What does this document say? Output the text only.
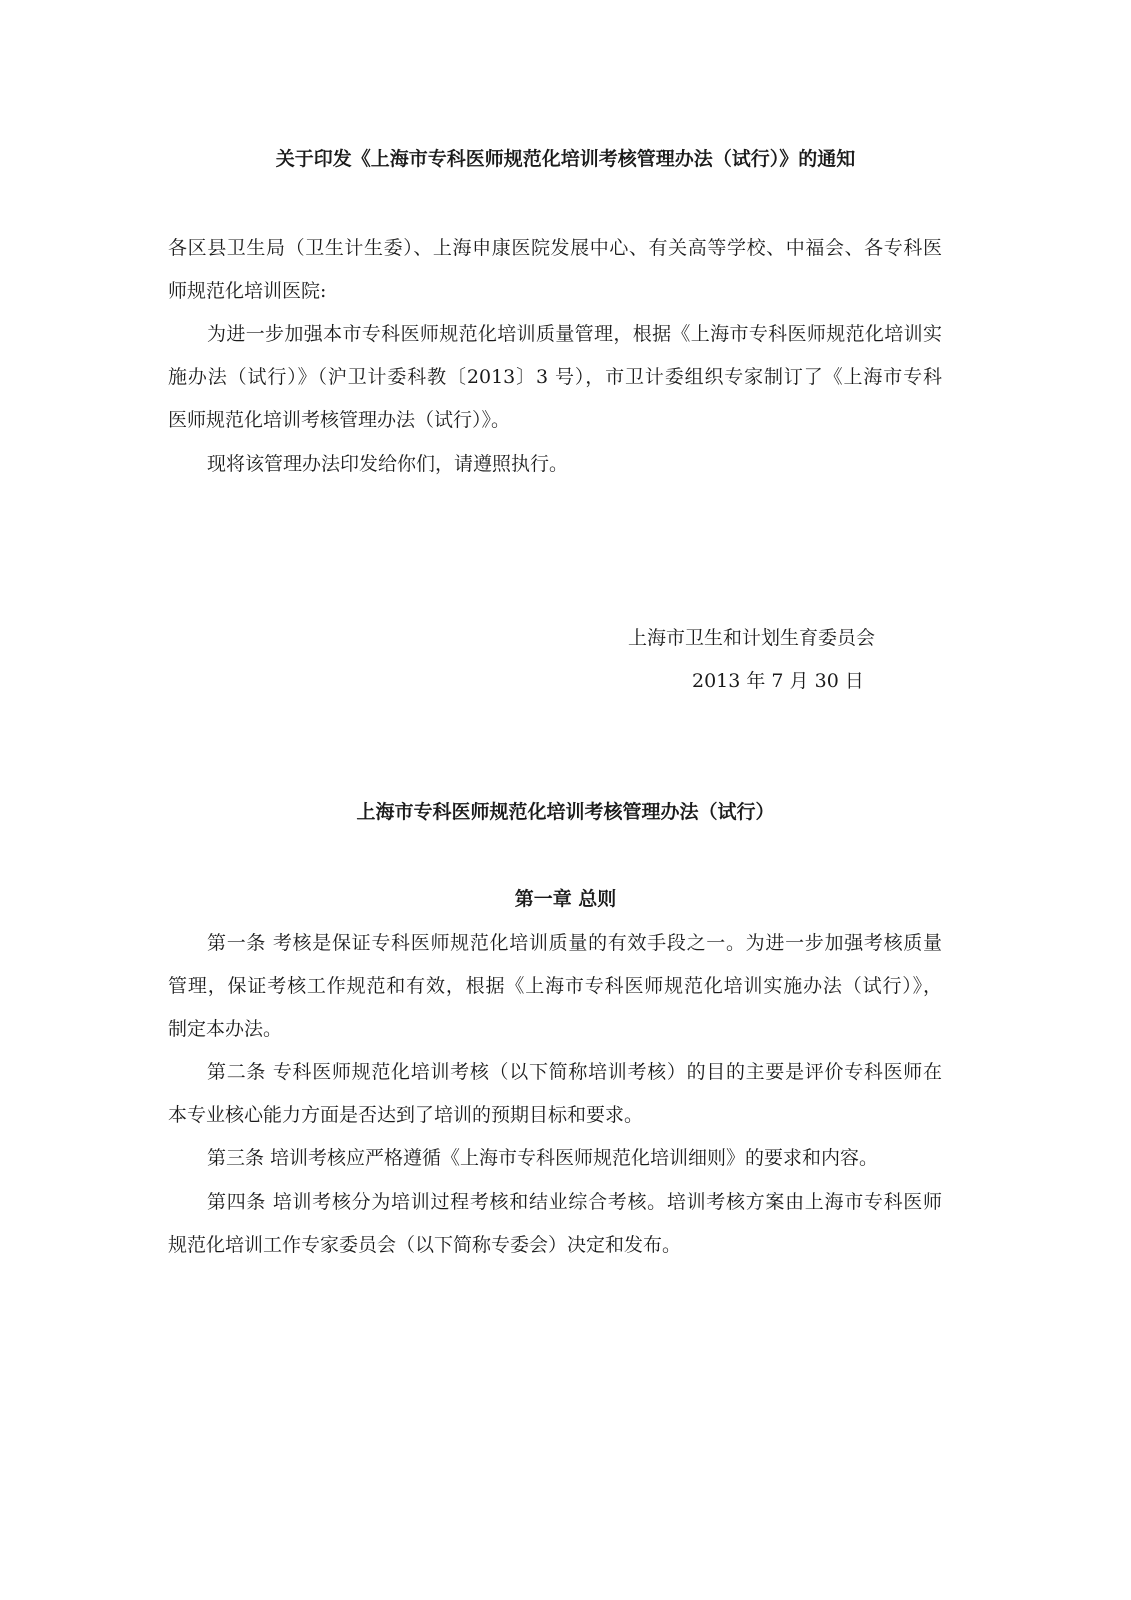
关于印发《上海市专科医师规范化培训考核管理办法（试行）》的通知
各区县卫生局（卫生计生委）、上海申康医院发展中心、有关高等学校、中福会、各专科医
师规范化培训医院:
为进一步加强本市专科医师规范化培训质量管理，根据《上海市专科医师规范化培训实
施办法（试行）》（沪卫计委科教〔2013〕3 号），市卫计委组织专家制订了《上海市专科
医师规范化培训考核管理办法（试行）》。
现将该管理办法印发给你们，请遵照执行。
上海市卫生和计划生育委员会
2013 年 7 月 30 日
上海市专科医师规范化培训考核管理办法（试行）
第一章 总则
第一条 考核是保证专科医师规范化培训质量的有效手段之一。为进一步加强考核质量
管理，保证考核工作规范和有效，根据《上海市专科医师规范化培训实施办法（试行）》，
制定本办法。
第二条 专科医师规范化培训考核（以下简称培训考核）的目的主要是评价专科医师在
本专业核心能力方面是否达到了培训的预期目标和要求。
第三条 培训考核应严格遵循《上海市专科医师规范化培训细则》的要求和内容。
第四条 培训考核分为培训过程考核和结业综合考核。培训考核方案由上海市专科医师
规范化培训工作专家委员会（以下简称专委会）决定和发布。
